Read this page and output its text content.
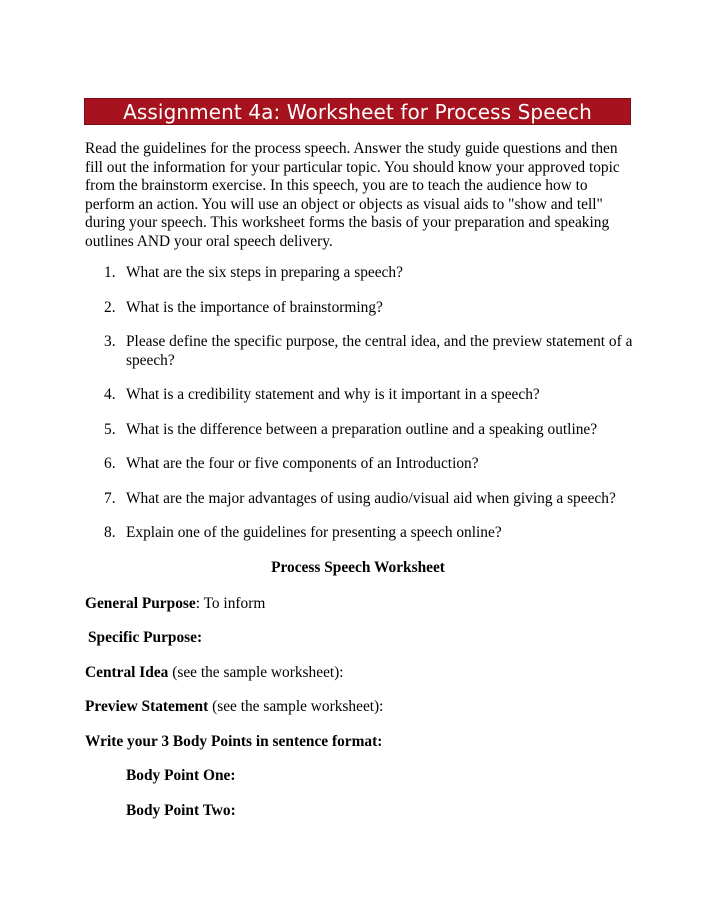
Assignment 4a: Worksheet for Process Speech

Read the guidelines for the process speech. Answer the study guide questions and then fill out the information for your particular topic. You should know your approved topic from the brainstorm exercise. In this speech, you are to teach the audience how to perform an action. You will use an object or objects as visual aids to "show and tell" during your speech. This worksheet forms the basis of your preparation and speaking outlines AND your oral speech delivery.

1. What are the six steps in preparing a speech?
2. What is the importance of brainstorming?
3. Please define the specific purpose, the central idea, and the preview statement of a speech?
4. What is a credibility statement and why is it important in a speech?
5. What is the difference between a preparation outline and a speaking outline?
6. What are the four or five components of an Introduction?
7. What are the major advantages of using audio/visual aid when giving a speech?
8. Explain one of the guidelines for presenting a speech online?
Process Speech Worksheet
General Purpose: To inform
Specific Purpose:
Central Idea (see the sample worksheet):
Preview Statement (see the sample worksheet):
Write your 3 Body Points in sentence format:
Body Point One:
Body Point Two:
